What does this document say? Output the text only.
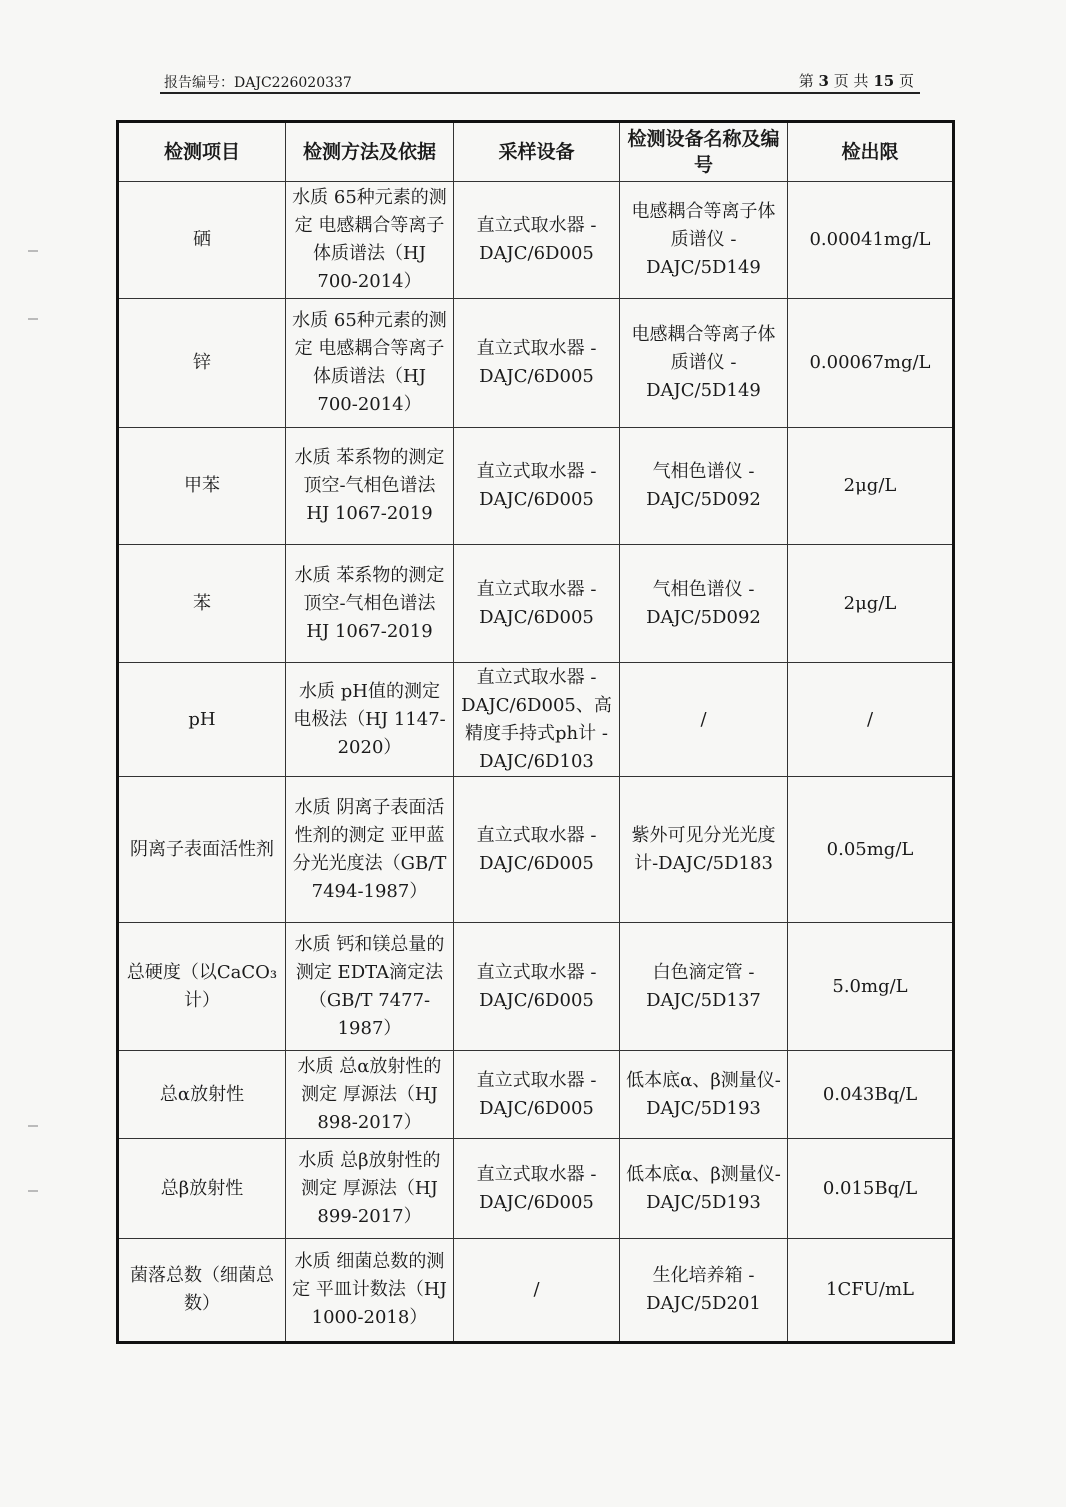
报告编号：DAJC226020337	第 3 页 共 15 页
检测项目	检测方法及依据	采样设备	检测设备名称及编号	检出限
硒	水质 65种元素的测定 电感耦合等离子体质谱法（HJ 700-2014）	直立式取水器 -DAJC/6D005	电感耦合等离子体质谱仪 -DAJC/5D149	0.00041mg/L
锌	水质 65种元素的测定 电感耦合等离子体质谱法（HJ 700-2014）	直立式取水器 -DAJC/6D005	电感耦合等离子体质谱仪 -DAJC/5D149	0.00067mg/L
甲苯	水质 苯系物的测定 顶空-气相色谱法 HJ 1067-2019	直立式取水器 -DAJC/6D005	气相色谱仪 -DAJC/5D092	2μg/L
苯	水质 苯系物的测定 顶空-气相色谱法 HJ 1067-2019	直立式取水器 -DAJC/6D005	气相色谱仪 -DAJC/5D092	2μg/L
pH	水质 pH值的测定 电极法（HJ 1147-2020）	直立式取水器 -DAJC/6D005、高精度手持式ph计 -DAJC/6D103	/	/
阴离子表面活性剂	水质 阴离子表面活性剂的测定 亚甲蓝分光光度法（GB/T 7494-1987）	直立式取水器 -DAJC/6D005	紫外可见分光光度计-DAJC/5D183	0.05mg/L
总硬度（以CaCO₃计）	水质 钙和镁总量的测定 EDTA滴定法（GB/T 7477-1987）	直立式取水器 -DAJC/6D005	白色滴定管 -DAJC/5D137	5.0mg/L
总α放射性	水质 总α放射性的测定 厚源法（HJ 898-2017）	直立式取水器 -DAJC/6D005	低本底α、β测量仪-DAJC/5D193	0.043Bq/L
总β放射性	水质 总β放射性的测定 厚源法（HJ 899-2017）	直立式取水器 -DAJC/6D005	低本底α、β测量仪-DAJC/5D193	0.015Bq/L
菌落总数（细菌总数）	水质 细菌总数的测定 平皿计数法（HJ 1000-2018）	/	生化培养箱 -DAJC/5D201	1CFU/mL
